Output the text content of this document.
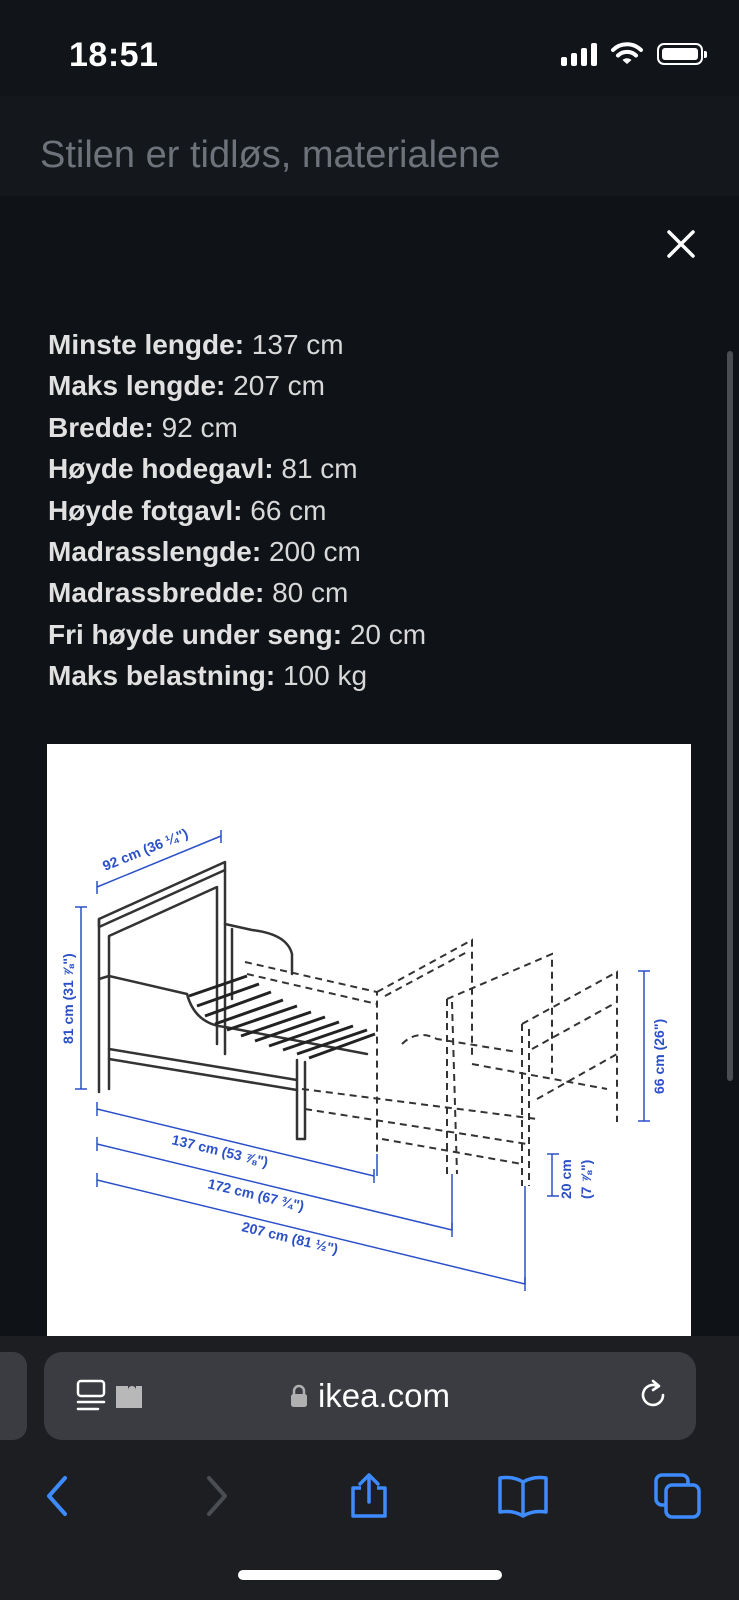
18:51
Stilen er tidløs, materialene
Minste lengde: 137 cm
Maks lengde: 207 cm
Bredde: 92 cm
Høyde hodegavl: 81 cm
Høyde fotgavl: 66 cm
Madrasslengde: 200 cm
Madrassbredde: 80 cm
Fri høyde under seng: 20 cm
Maks belastning: 100 kg
92 cm (36 ¼")
81 cm (31 ⅞")
66 cm (26")
20 cm (7 ⅞")
137 cm (53 ⅞")
172 cm (67 ¾")
207 cm (81 ½")
ikea.com
